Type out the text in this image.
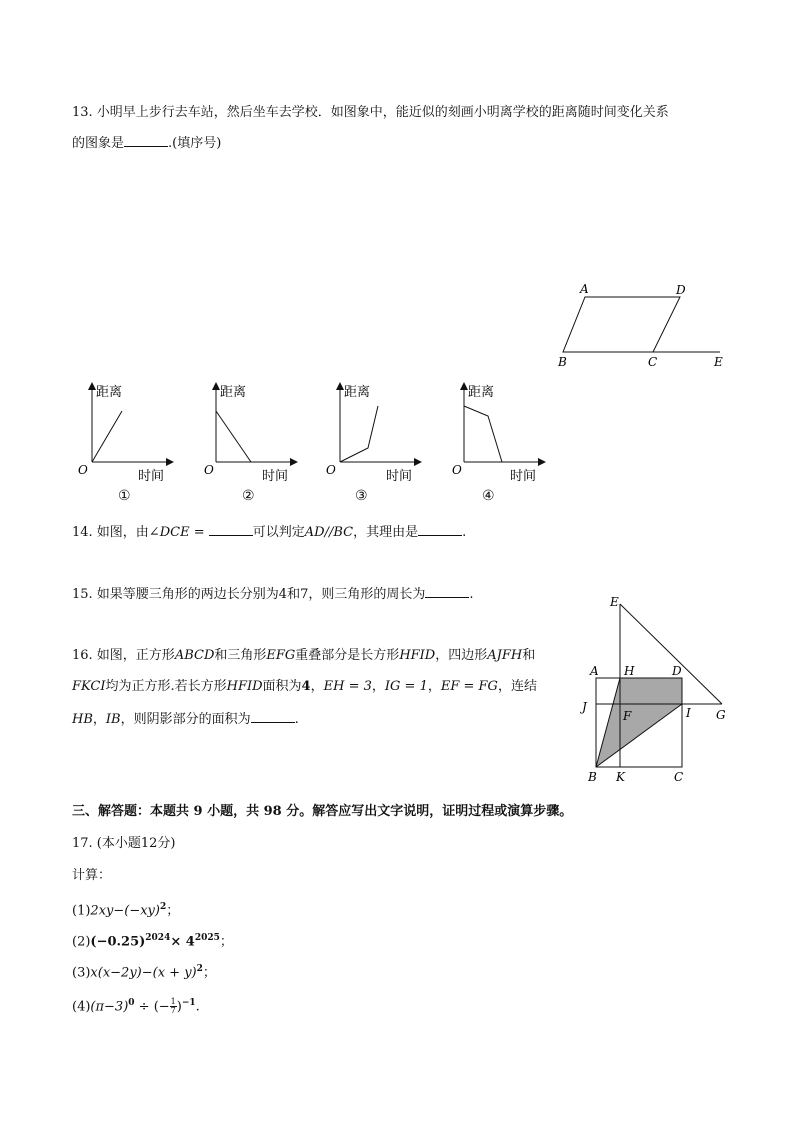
13. 小明早上步行去车站，然后坐车去学校．如图象中，能近似的刻画小明离学校的距离随时间变化关系
的图象是	.(填序号)
A	D
B	C	E
距离
时间
O
距离
时间
O
距离
时间
O
距离
时间
O
①	②	③	④
14. 如图，由∠DCE =	可以判定AD//BC，其理由是	.
15. 如果等腰三角形的两边长分别为4和7，则三角形的周长为	.
16. 如图，正方形ABCD和三角形EFG重叠部分是长方形HFID，四边形AJFH和
FKCI均为正方形.若长方形HFID面积为4，EH = 3，IG = 1，EF = FG，连结
HB，IB，则阴影部分的面积为	.
E
A H	D
J
F	I G
B K	C
三、解答题：本题共 9 小题，共 98 分。解答应写出文字说明，证明过程或演算步骤。
17. (本小题12分)
计算：
$(1)2xy-(-xy)^2$；
$(2)(-0.25)^{2024}\times 4^{2025}$；
$(3)x(x-2y)-(x + y)^2$；
$(4)(\pi-3)^0$ ÷ (− $\frac{1}{7} )^{-1}$.
